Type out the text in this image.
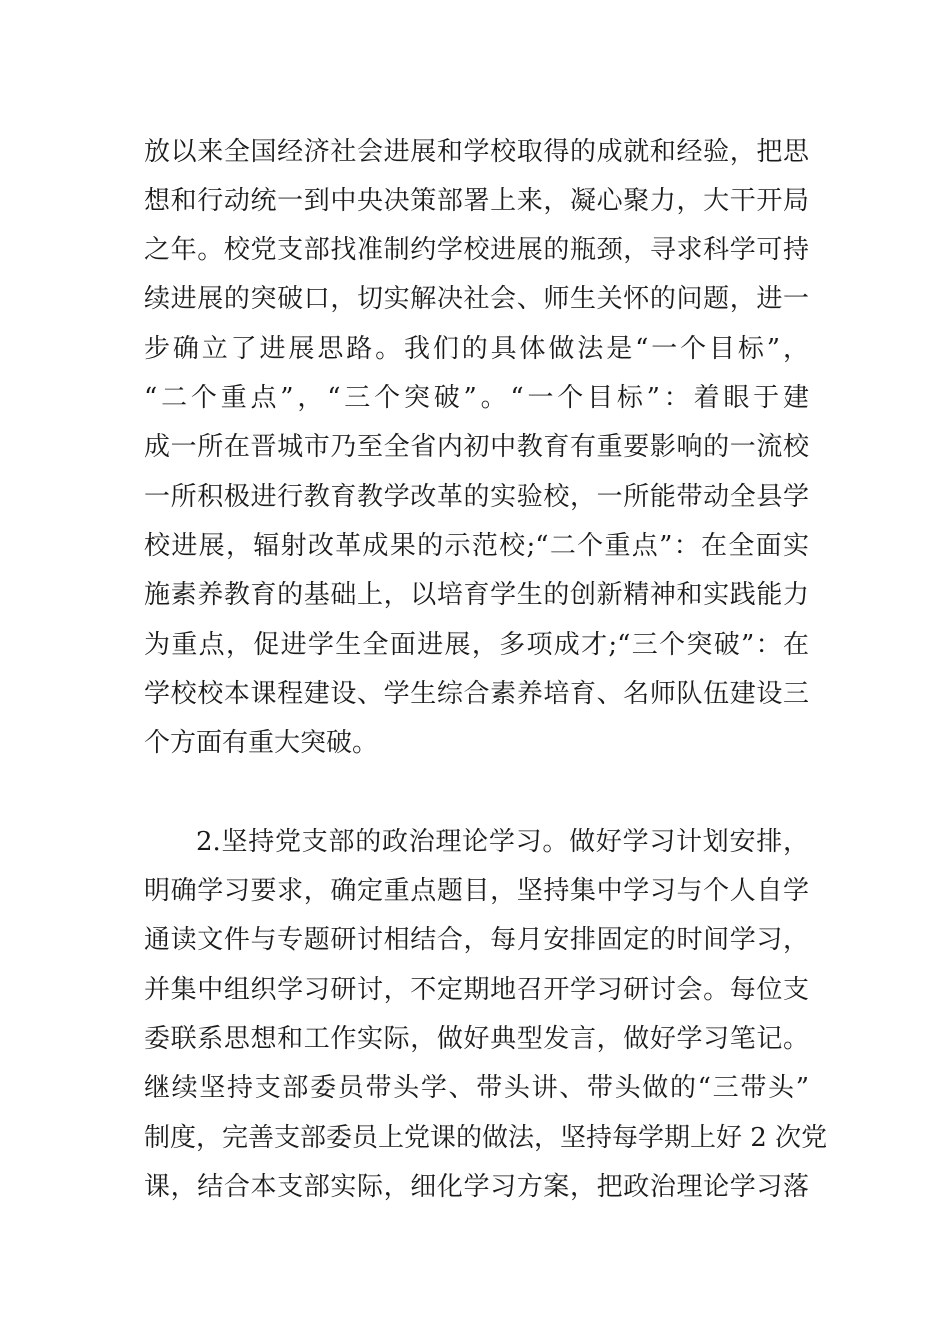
放以来全国经济社会进展和学校取得的成就和经验，把思
想和行动统一到中央决策部署上来，凝心聚力，大干开局
之年。校党支部找准制约学校进展的瓶颈，寻求科学可持
续进展的突破口，切实解决社会、师生关怀的问题，进一
步确立了进展思路。我们的具体做法是“一个目标”，
“二个重点”，“三个突破”。“一个目标”：着眼于建
成一所在晋城市乃至全省内初中教育有重要影响的一流校
一所积极进行教育教学改革的实验校，一所能带动全县学
校进展，辐射改革成果的示范校;“二个重点”：在全面实
施素养教育的基础上，以培育学生的创新精神和实践能力
为重点，促进学生全面进展，多项成才;“三个突破”：在
学校校本课程建设、学生综合素养培育、名师队伍建设三
个方面有重大突破。
2.坚持党支部的政治理论学习。做好学习计划安排，
明确学习要求，确定重点题目，坚持集中学习与个人自学
通读文件与专题研讨相结合，每月安排固定的时间学习，
并集中组织学习研讨，不定期地召开学习研讨会。每位支
委联系思想和工作实际，做好典型发言，做好学习笔记。
继续坚持支部委员带头学、带头讲、带头做的“三带头”
制度，完善支部委员上党课的做法，坚持每学期上好 2 次党
课，结合本支部实际，细化学习方案，把政治理论学习落
